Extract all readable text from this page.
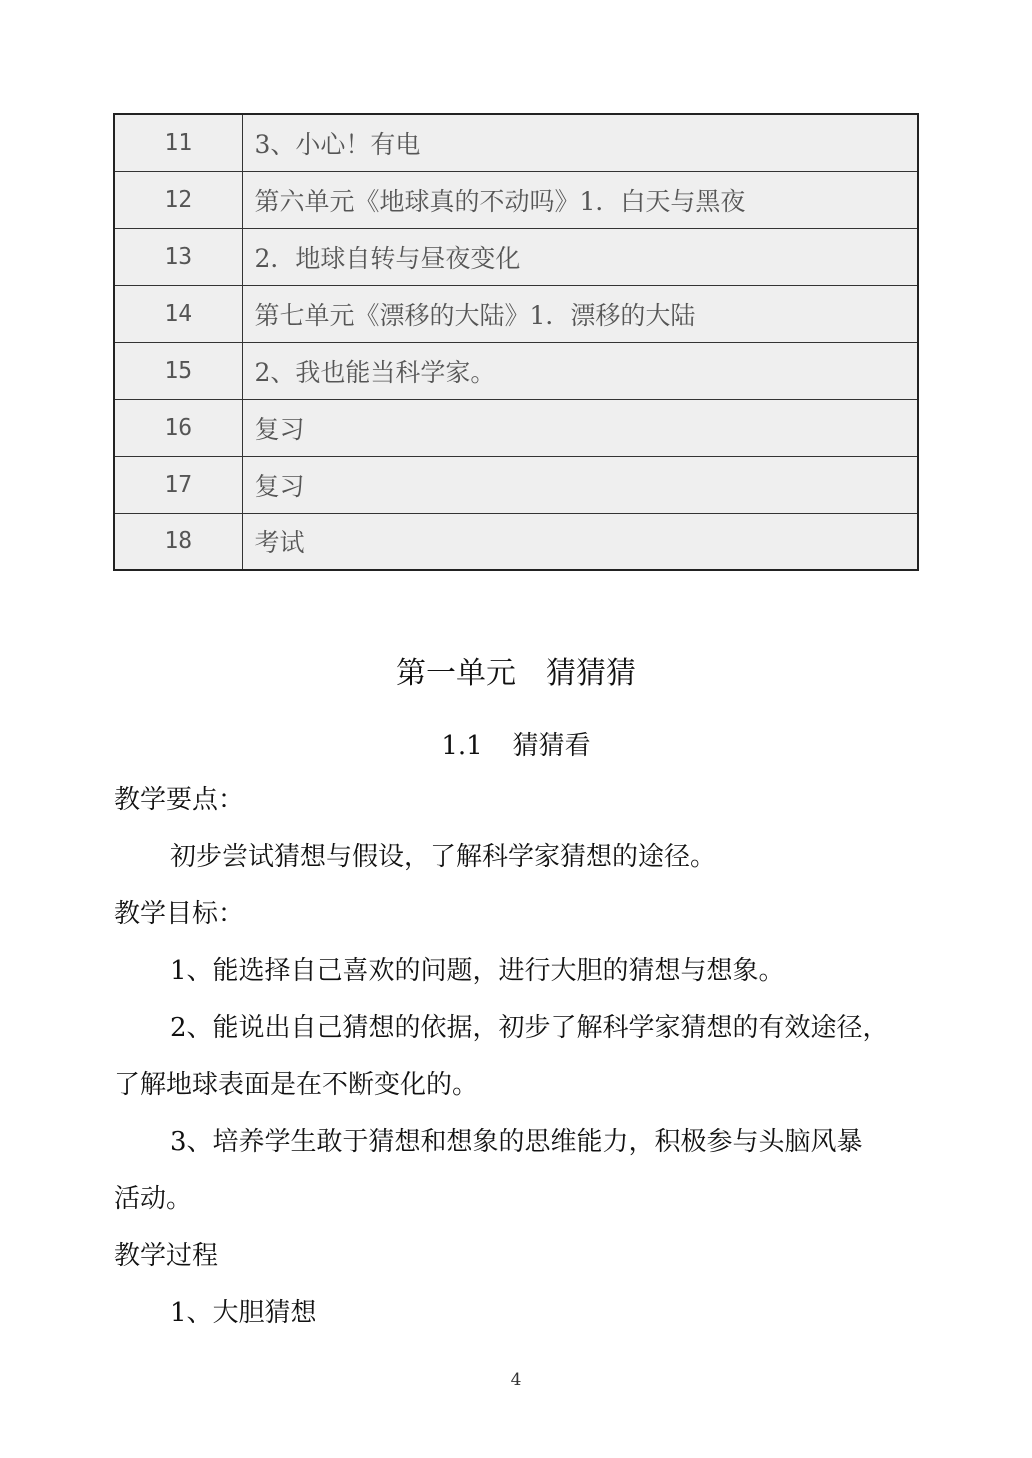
11	3、小心！有电
12	第六单元《地球真的不动吗》1．白天与黑夜
13	2．地球自转与昼夜变化
14	第七单元《漂移的大陆》1．漂移的大陆
15	2、我也能当科学家。
16	复习
17	复习
18	考试
第一单元 猜猜猜
1.1 猜猜看

教学要点：

初步尝试猜想与假设，了解科学家猜想的途径。

教学目标：

1、能选择自己喜欢的问题，进行大胆的猜想与想象。

2、能说出自己猜想的依据，初步了解科学家猜想的有效途径，

了解地球表面是在不断变化的。

3、培养学生敢于猜想和想象的思维能力，积极参与头脑风暴

活动。

教学过程

1、大胆猜想

4
